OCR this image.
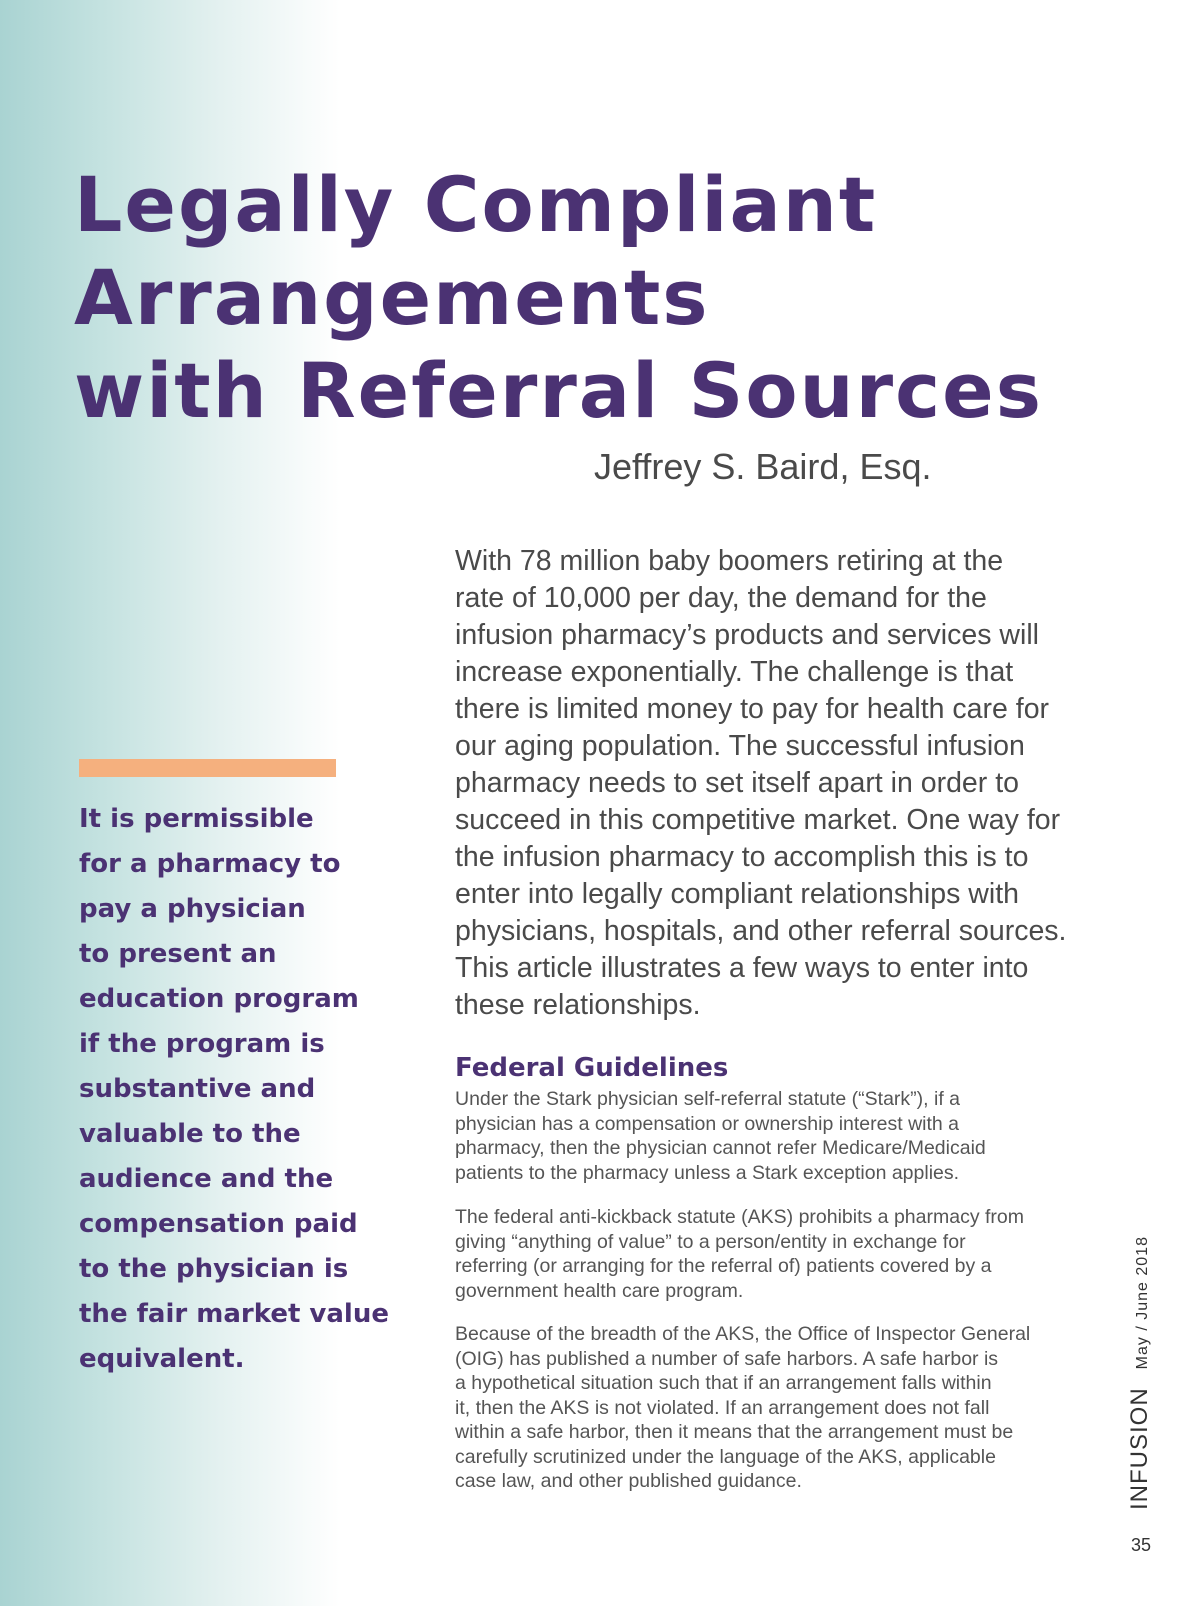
Legally Compliant
Arrangements
with Referral Sources
Jeffrey S. Baird, Esq.
It is permissible
for a pharmacy to
pay a physician
to present an
education program
if the program is
substantive and
valuable to the
audience and the
compensation paid
to the physician is
the fair market value
equivalent.
With 78 million baby boomers retiring at the
rate of 10,000 per day, the demand for the
infusion pharmacy’s products and services will
increase exponentially. The challenge is that
there is limited money to pay for health care for
our aging population. The successful infusion
pharmacy needs to set itself apart in order to
succeed in this competitive market. One way for
the infusion pharmacy to accomplish this is to
enter into legally compliant relationships with
physicians, hospitals, and other referral sources.
This article illustrates a few ways to enter into
these relationships.
Federal Guidelines
Under the Stark physician self-referral statute (“Stark”), if a
physician has a compensation or ownership interest with a
pharmacy, then the physician cannot refer Medicare/Medicaid
patients to the pharmacy unless a Stark exception applies.
The federal anti-kickback statute (AKS) prohibits a pharmacy from
giving “anything of value” to a person/entity in exchange for
referring (or arranging for the referral of) patients covered by a
government health care program.
Because of the breadth of the AKS, the Office of Inspector General
(OIG) has published a number of safe harbors. A safe harbor is
a hypothetical situation such that if an arrangement falls within
it, then the AKS is not violated. If an arrangement does not fall
within a safe harbor, then it means that the arrangement must be
carefully scrutinized under the language of the AKS, applicable
case law, and other published guidance.	INFUSION
May / June 2018
35
